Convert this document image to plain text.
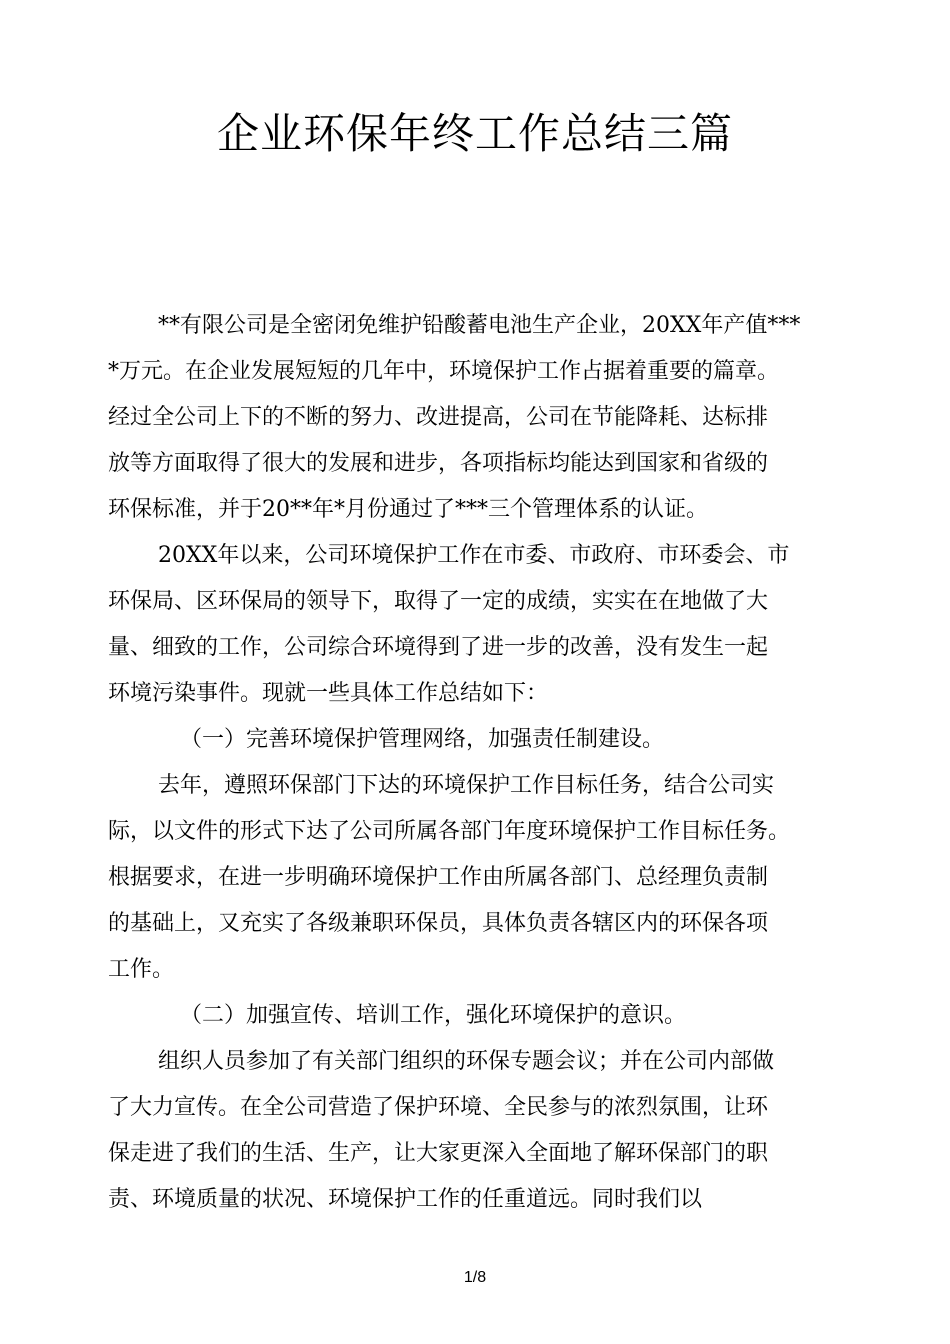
企业环保年终工作总结三篇
**有限公司是全密闭免维护铅酸蓄电池生产企业，20XX年产值***
*万元。在企业发展短短的几年中，环境保护工作占据着重要的篇章。
经过全公司上下的不断的努力、改进提高，公司在节能降耗、达标排
放等方面取得了很大的发展和进步，各项指标均能达到国家和省级的
环保标准，并于20**年*月份通过了***三个管理体系的认证。
20XX年以来，公司环境保护工作在市委、市政府、市环委会、市
环保局、区环保局的领导下，取得了一定的成绩，实实在在地做了大
量、细致的工作，公司综合环境得到了进一步的改善，没有发生一起
环境污染事件。现就一些具体工作总结如下：
（一）完善环境保护管理网络，加强责任制建设。
去年，遵照环保部门下达的环境保护工作目标任务，结合公司实
际，以文件的形式下达了公司所属各部门年度环境保护工作目标任务。
根据要求，在进一步明确环境保护工作由所属各部门、总经理负责制
的基础上，又充实了各级兼职环保员，具体负责各辖区内的环保各项
工作。
（二）加强宣传、培训工作，强化环境保护的意识。
组织人员参加了有关部门组织的环保专题会议；并在公司内部做
了大力宣传。在全公司营造了保护环境、全民参与的浓烈氛围，让环
保走进了我们的生活、生产，让大家更深入全面地了解环保部门的职
责、环境质量的状况、环境保护工作的任重道远。同时我们以
1/8
